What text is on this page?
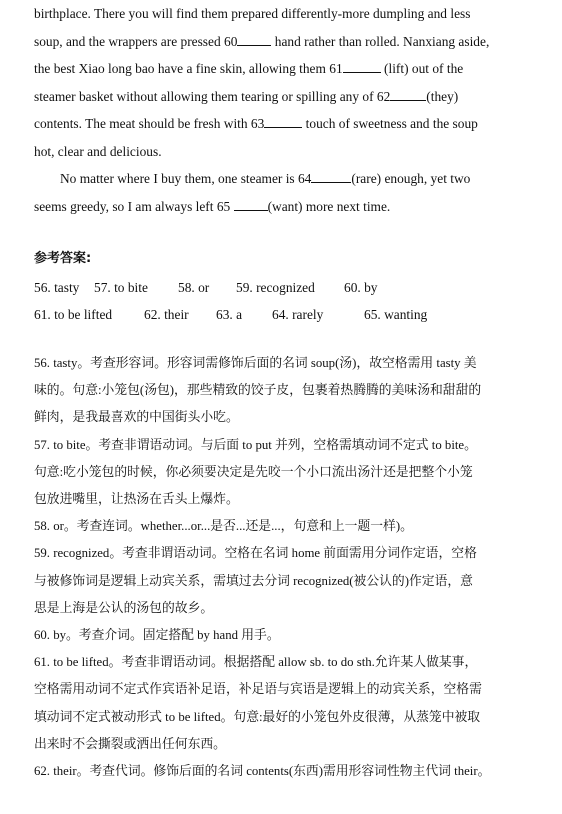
birthplace. There you will find them prepared differently-more dumpling and less

soup, and the wrappers are pressed 60	hand rather than rolled. Nanxiang aside,

the best Xiao long bao have a fine skin, allowing them 61	(lift) out of the

steamer basket without allowing them tearing or spilling any of 62	(they)

contents. The meat should be fresh with 63	touch of sweetness and the soup

hot, clear and delicious.

No matter where I buy them, one steamer is 64	(rare) enough, yet two

seems greedy, so I am always left 65	(want) more next time.

参考答案:
56. tasty	57. to bite	58. or	59. recognized	60. by
61. to be lifted	62. their	63. a	64. rarely	65. wanting

56. tasty。考查形容词。形容词需修饰后面的名词 soup(汤)，故空格需用 tasty 美

味的。句意:小笼包(汤包)，那些精致的饺子皮，包裹着热腾腾的美味汤和甜甜的

鲜肉，是我最喜欢的中国街头小吃。

57. to bite。考查非谓语动词。与后面 to put 并列，空格需填动词不定式 to bite。

句意:吃小笼包的时候，你必须要决定是先咬一个小口流出汤汁还是把整个小笼

包放进嘴里，让热汤在舌头上爆炸。

58. or。考查连词。whether...or...是否...还是...，句意和上一题一样)。

59. recognized。考查非谓语动词。空格在名词 home 前面需用分词作定语，空格

与被修饰词是逻辑上动宾关系，需填过去分词 recognized(被公认的)作定语，意

思是上海是公认的汤包的故乡。

60. by。考查介词。固定搭配 by hand 用手。

61. to be lifted。考查非谓语动词。根据搭配 allow sb. to do sth.允许某人做某事，

空格需用动词不定式作宾语补足语，补足语与宾语是逻辑上的动宾关系，空格需

填动词不定式被动形式 to be lifted。句意:最好的小笼包外皮很薄，从蒸笼中被取

出来时不会撕裂或洒出任何东西。

62. their。考查代词。修饰后面的名词 contents(东西)需用形容词性物主代词 their。
